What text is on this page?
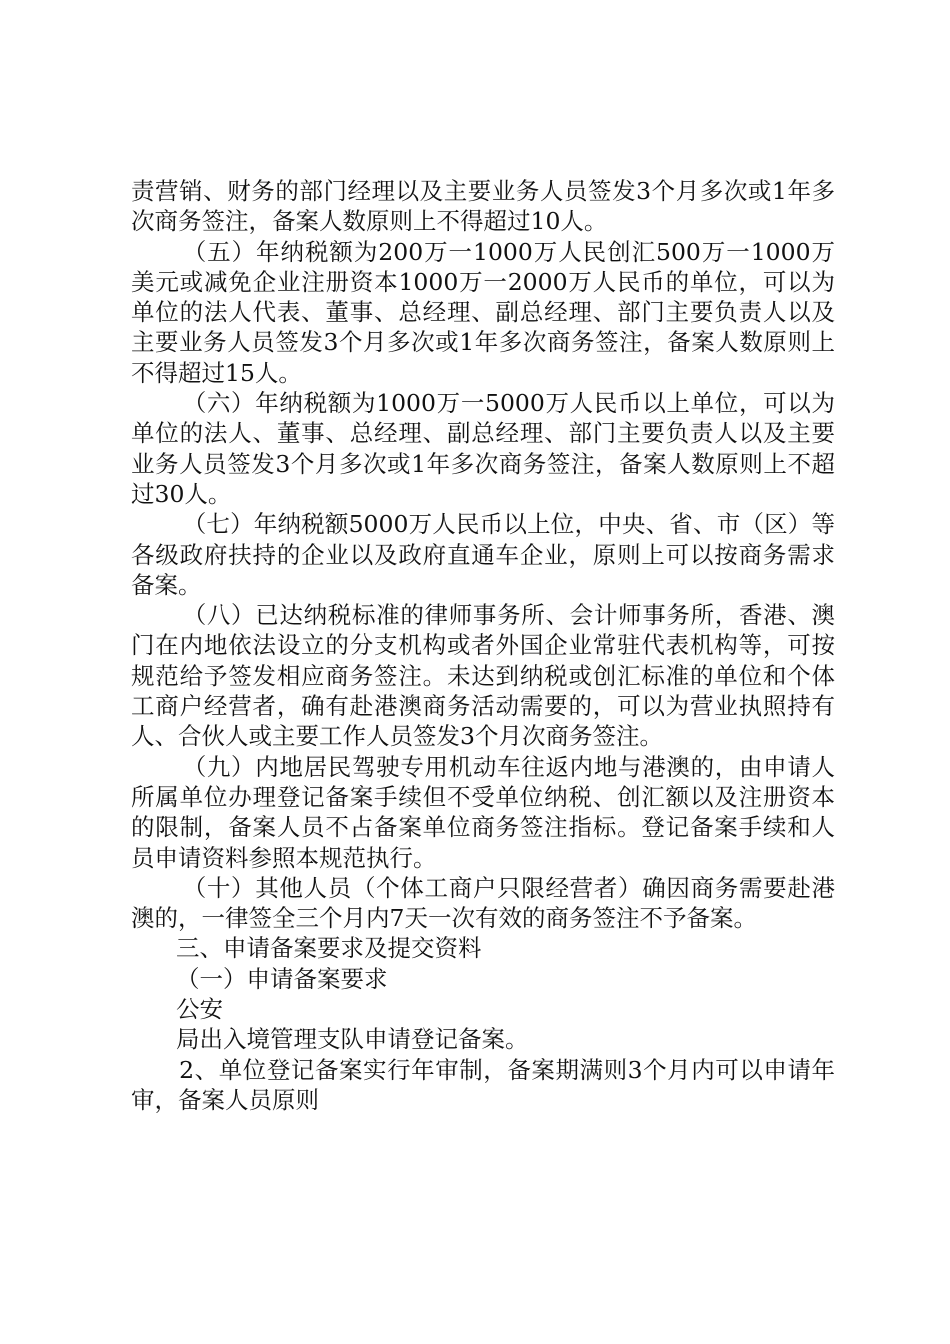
责营销、财务的部门经理以及主要业务人员签发3个月多次或1年多次商务签注，备案人数原则上不得超过10人。

（五）年纳税额为200万一1000万人民创汇500万一1000万美元或减免企业注册资本1000万一2000万人民币的单位，可以为单位的法人代表、董事、总经理、副总经理、部门主要负责人以及主要业务人员签发3个月多次或1年多次商务签注，备案人数原则上不得超过15人。

（六）年纳税额为1000万一5000万人民币以上单位，可以为单位的法人、董事、总经理、副总经理、部门主要负责人以及主要业务人员签发3个月多次或1年多次商务签注，备案人数原则上不超过30人。

（七）年纳税额5000万人民币以上位，中央、省、市（区）等各级政府扶持的企业以及政府直通车企业，原则上可以按商务需求备案。

（八）已达纳税标准的律师事务所、会计师事务所，香港、澳门在内地依法设立的分支机构或者外国企业常驻代表机构等，可按规范给予签发相应商务签注。未达到纳税或创汇标准的单位和个体工商户经营者，确有赴港澳商务活动需要的，可以为营业执照持有人、合伙人或主要工作人员签发3个月次商务签注。

（九）内地居民驾驶专用机动车往返内地与港澳的，由申请人所属单位办理登记备案手续但不受单位纳税、创汇额以及注册资本的限制，备案人员不占备案单位商务签注指标。登记备案手续和人员申请资料参照本规范执行。

（十）其他人员（个体工商户只限经营者）确因商务需要赴港澳的，一律签全三个月内7天一次有效的商务签注不予备案。

三、申请备案要求及提交资料

（一）申请备案要求

公安

局出入境管理支队申请登记备案。

2、单位登记备案实行年审制，备案期满则3个月内可以申请年审，备案人员原则
